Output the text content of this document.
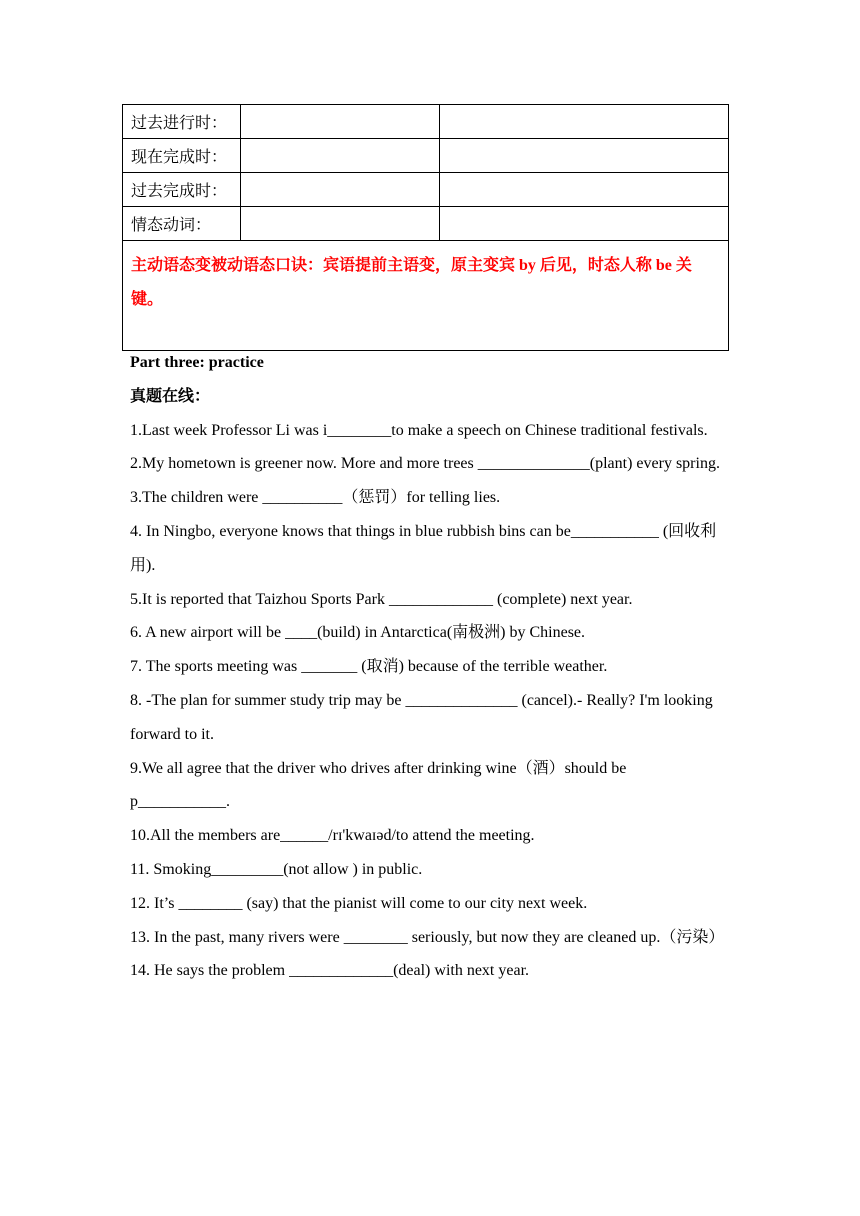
过去进行时：		
现在完成时：		
过去完成时：		
情态动词：		
主动语态变被动语态口诀：宾语提前主语变，原主变宾 by 后见，时态人称 be 关键。		

Part three: practice

真题在线：

1.Last week Professor Li was i________to make a speech on Chinese traditional festivals.

2.My hometown is greener now. More and more trees ______________(plant) every spring.

3.The children were __________（惩罚）for telling lies.

4. In Ningbo, everyone knows that things in blue rubbish bins can be___________ (回收利用).

5.It is reported that Taizhou Sports Park _____________ (complete) next year.

6. A new airport will be ____(build) in Antarctica(南极洲) by Chinese.

7. The sports meeting was _______ (取消) because of the terrible weather.

8. -The plan for summer study trip may be ______________ (cancel).- Really? I'm looking forward to it.

9.We all agree that the driver who drives after drinking wine（酒）should be p___________.

10.All the members are______/rɪ'kwaɪəd/to attend the meeting.

11. Smoking_________(not allow ) in public.

12. It’s ________ (say) that the pianist will come to our city next week.

13. In the past, many rivers were ________ seriously, but now they are cleaned up.（污染）

14. He says the problem _____________(deal) with next year.
